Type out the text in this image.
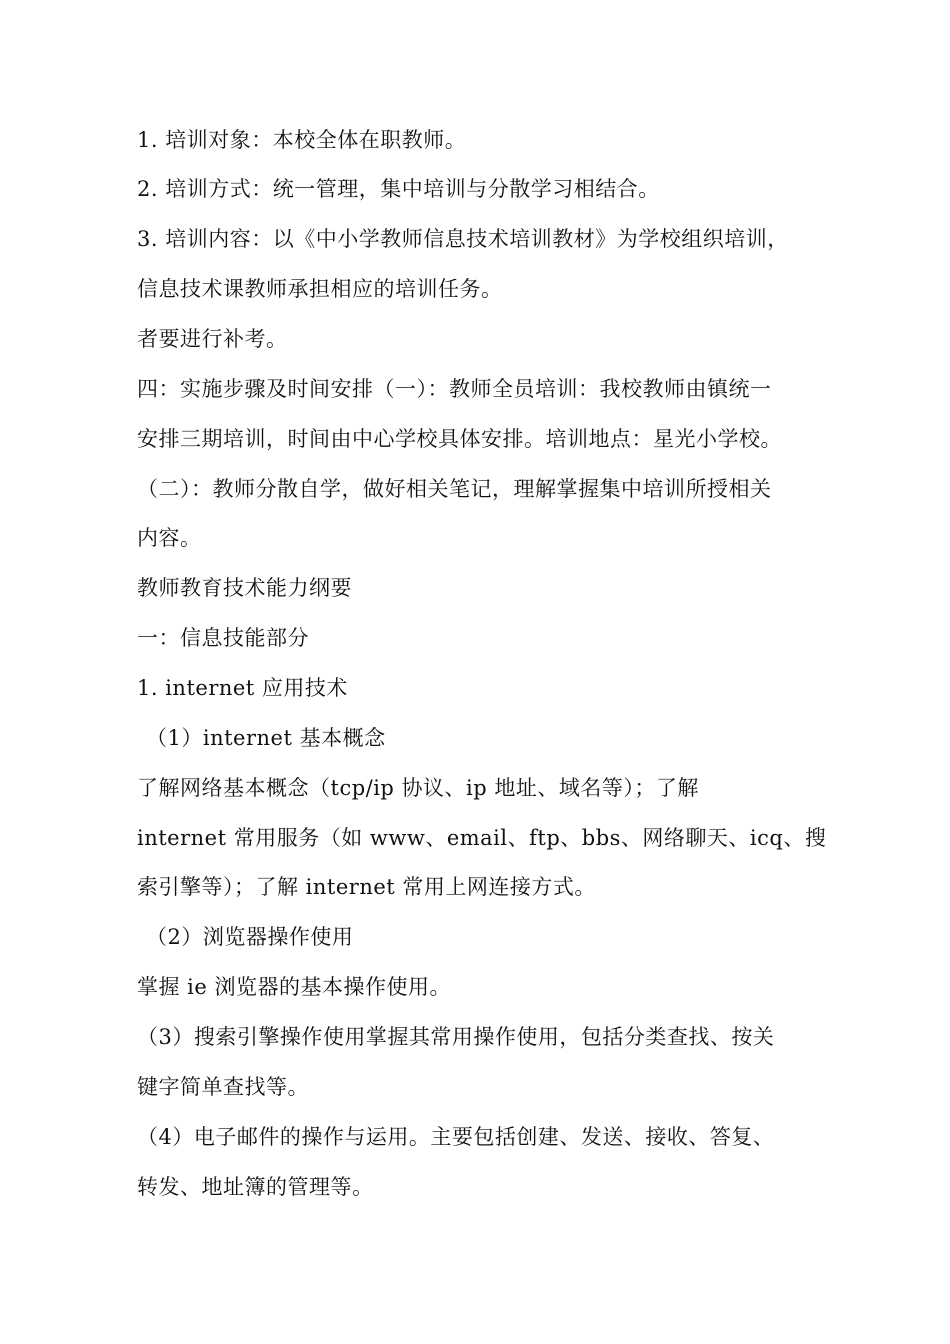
1. 培训对象：本校全体在职教师。
2. 培训方式：统一管理，集中培训与分散学习相结合。
3. 培训内容：以《中小学教师信息技术培训教材》为学校组织培训，
信息技术课教师承担相应的培训任务。
者要进行补考。
四：实施步骤及时间安排（一）：教师全员培训：我校教师由镇统一
安排三期培训，时间由中心学校具体安排。培训地点：星光小学校。
（二）：教师分散自学，做好相关笔记，理解掌握集中培训所授相关
内容。
教师教育技术能力纲要
一：信息技能部分
1. internet 应用技术
（1）internet 基本概念
了解网络基本概念（tcp/ip 协议、ip 地址、域名等）；了解
internet 常用服务（如 www、email、ftp、bbs、网络聊天、icq、搜
索引擎等）；了解 internet 常用上网连接方式。
（2）浏览器操作使用
掌握 ie 浏览器的基本操作使用。
（3）搜索引擎操作使用掌握其常用操作使用，包括分类查找、按关
键字简单查找等。
（4）电子邮件的操作与运用。主要包括创建、发送、接收、答复、
转发、地址簿的管理等。
